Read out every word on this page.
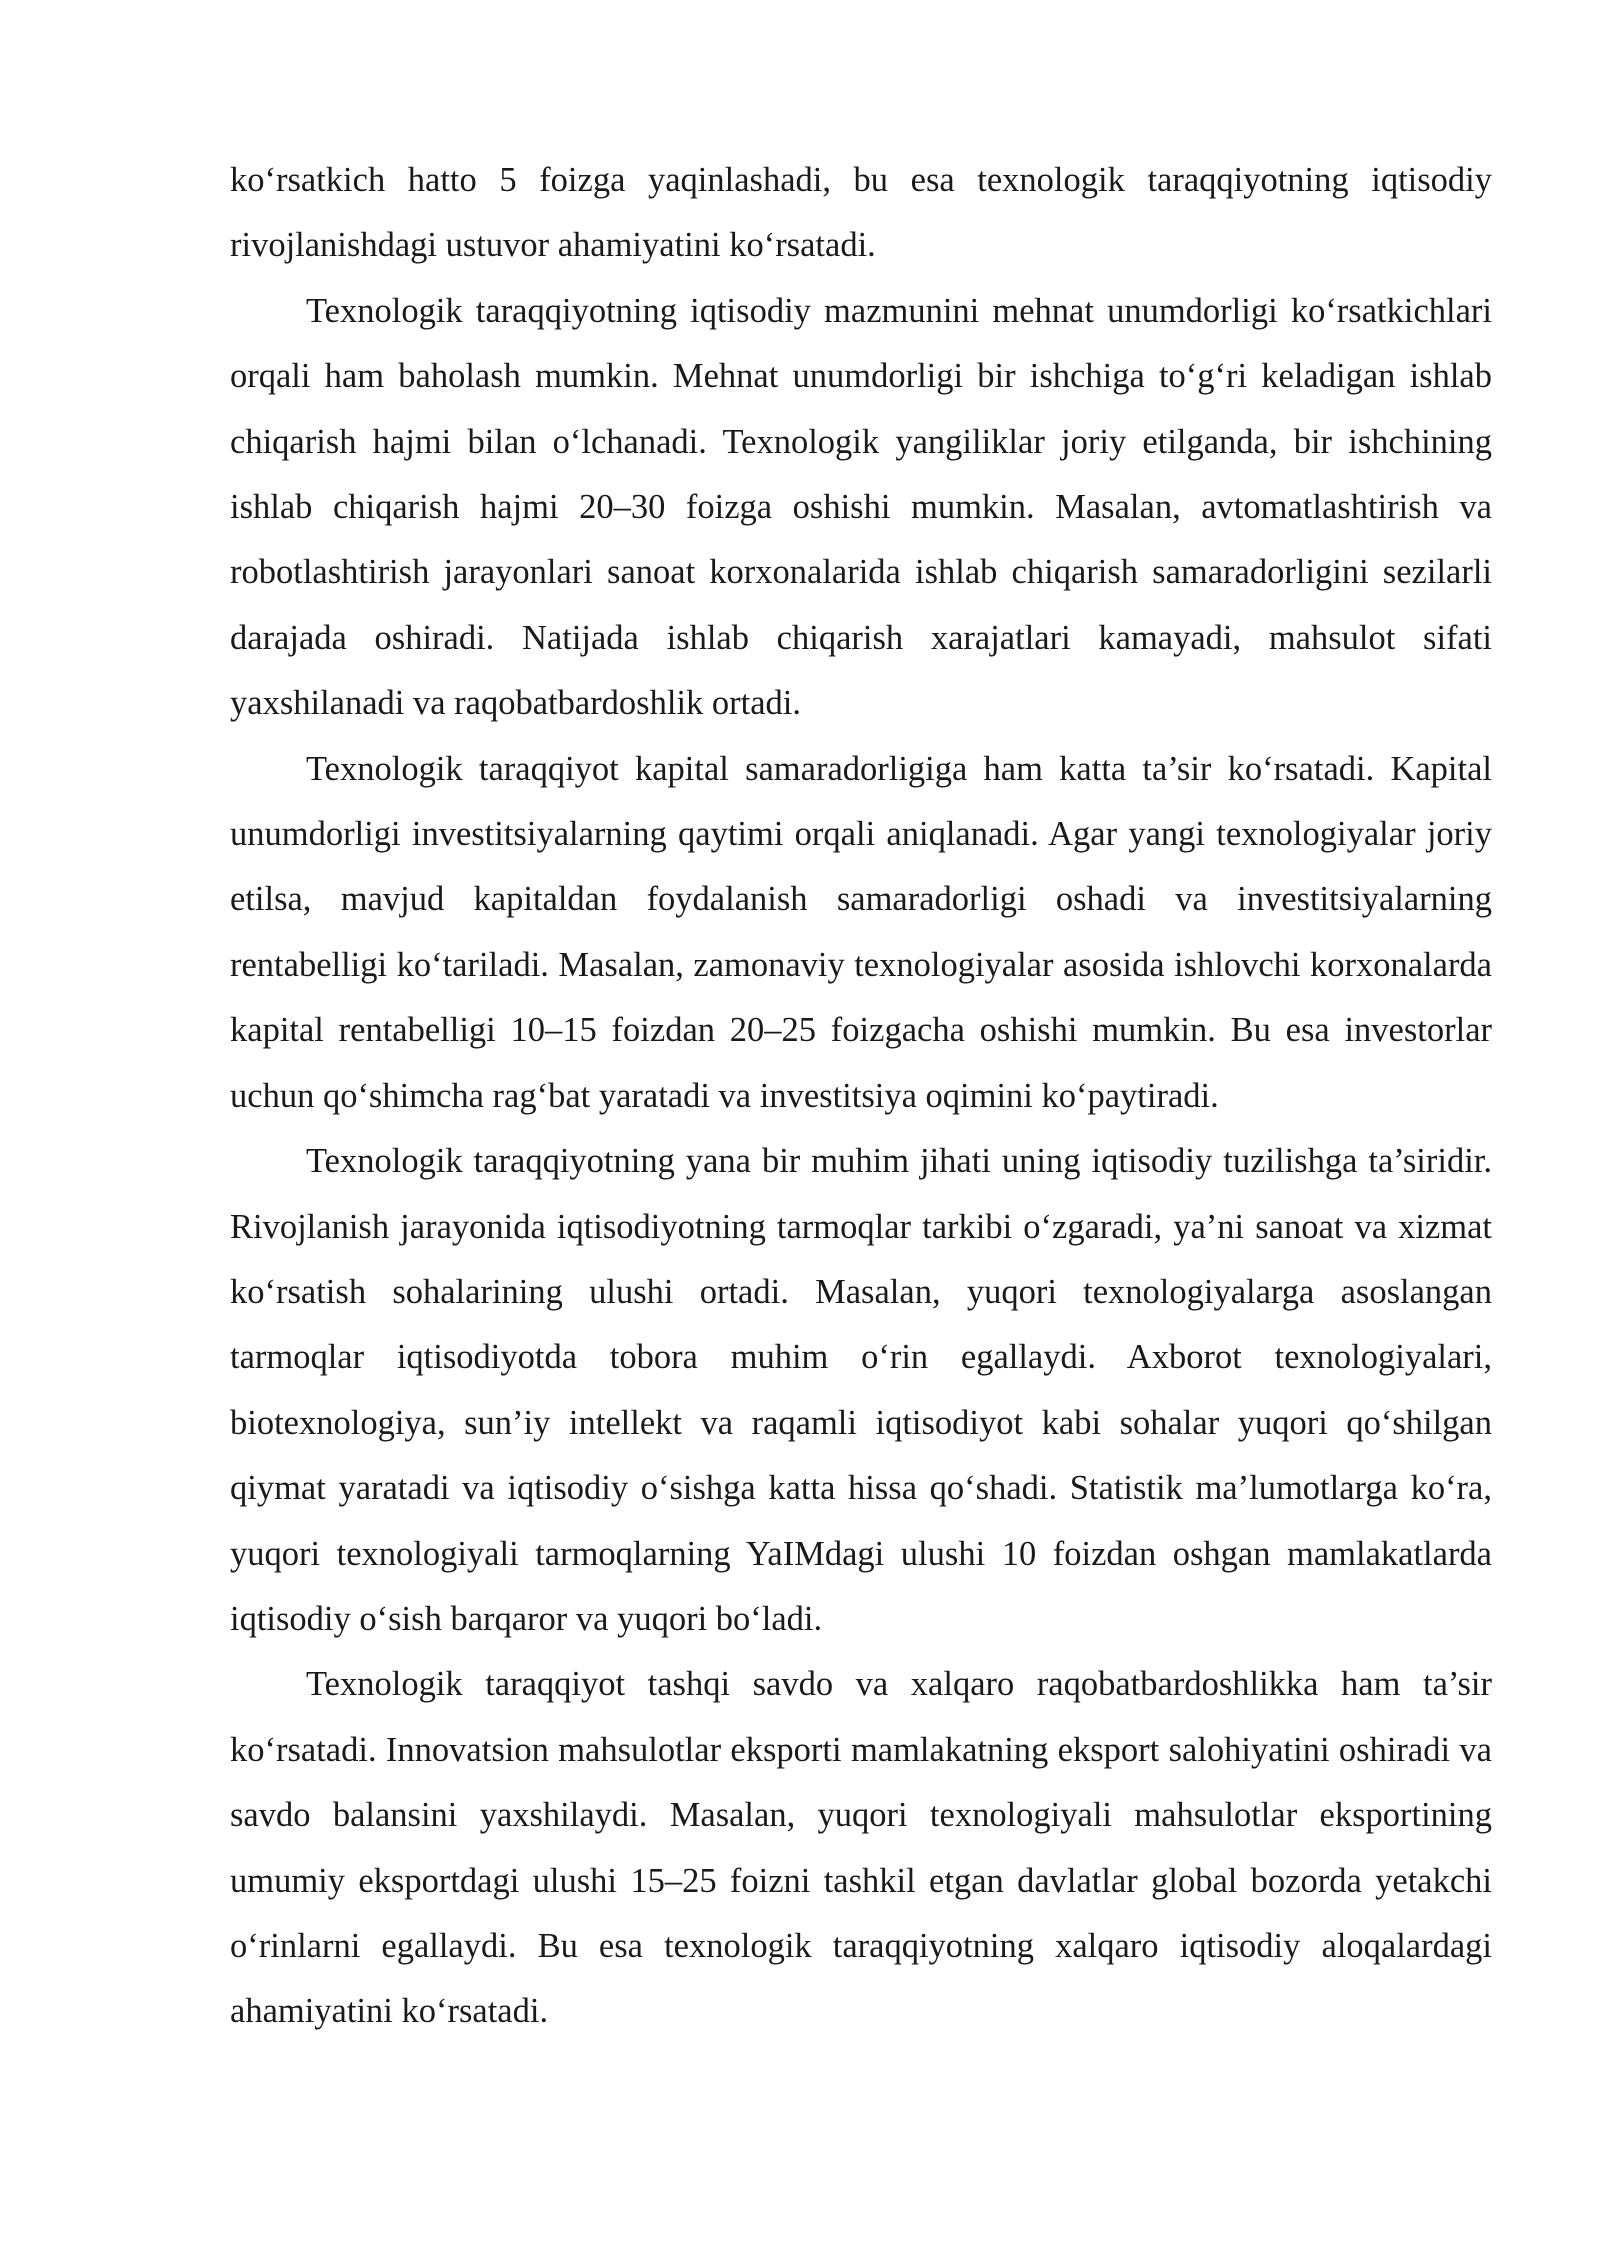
ko‘rsatkich hatto 5 foizga yaqinlashadi, bu esa texnologik taraqqiyotning iqtisodiy rivojlanishdagi ustuvor ahamiyatini ko‘rsatadi.

Texnologik taraqqiyotning iqtisodiy mazmunini mehnat unumdorligi ko‘rsatkichlari orqali ham baholash mumkin. Mehnat unumdorligi bir ishchiga to‘g‘ri keladigan ishlab chiqarish hajmi bilan o‘lchanadi. Texnologik yangiliklar joriy etilganda, bir ishchining ishlab chiqarish hajmi 20–30 foizga oshishi mumkin. Masalan, avtomatlashtirish va robotlashtirish jarayonlari sanoat korxonalarida ishlab chiqarish samaradorligini sezilarli darajada oshiradi. Natijada ishlab chiqarish xarajatlari kamayadi, mahsulot sifati yaxshilanadi va raqobatbardoshlik ortadi.

Texnologik taraqqiyot kapital samaradorligiga ham katta ta’sir ko‘rsatadi. Kapital unumdorligi investitsiyalarning qaytimi orqali aniqlanadi. Agar yangi texnologiyalar joriy etilsa, mavjud kapitaldan foydalanish samaradorligi oshadi va investitsiyalarning rentabelligi ko‘tariladi. Masalan, zamonaviy texnologiyalar asosida ishlovchi korxonalarda kapital rentabelligi 10–15 foizdan 20–25 foizgacha oshishi mumkin. Bu esa investorlar uchun qo‘shimcha rag‘bat yaratadi va investitsiya oqimini ko‘paytiradi.

Texnologik taraqqiyotning yana bir muhim jihati uning iqtisodiy tuzilishga ta’siridir. Rivojlanish jarayonida iqtisodiyotning tarmoqlar tarkibi o‘zgaradi, ya’ni sanoat va xizmat ko‘rsatish sohalarining ulushi ortadi. Masalan, yuqori texnologiyalarga asoslangan tarmoqlar iqtisodiyotda tobora muhim o‘rin egallaydi. Axborot texnologiyalari, biotexnologiya, sun’iy intellekt va raqamli iqtisodiyot kabi sohalar yuqori qo‘shilgan qiymat yaratadi va iqtisodiy o‘sishga katta hissa qo‘shadi. Statistik ma’lumotlarga ko‘ra, yuqori texnologiyali tarmoqlarning YaIMdagi ulushi 10 foizdan oshgan mamlakatlarda iqtisodiy o‘sish barqaror va yuqori bo‘ladi.

Texnologik taraqqiyot tashqi savdo va xalqaro raqobatbardoshlikka ham ta’sir ko‘rsatadi. Innovatsion mahsulotlar eksporti mamlakatning eksport salohiyatini oshiradi va savdo balansini yaxshilaydi. Masalan, yuqori texnologiyali mahsulotlar eksportining umumiy eksportdagi ulushi 15–25 foizni tashkil etgan davlatlar global bozorda yetakchi o‘rinlarni egallaydi. Bu esa texnologik taraqqiyotning xalqaro iqtisodiy aloqalardagi ahamiyatini ko‘rsatadi.
